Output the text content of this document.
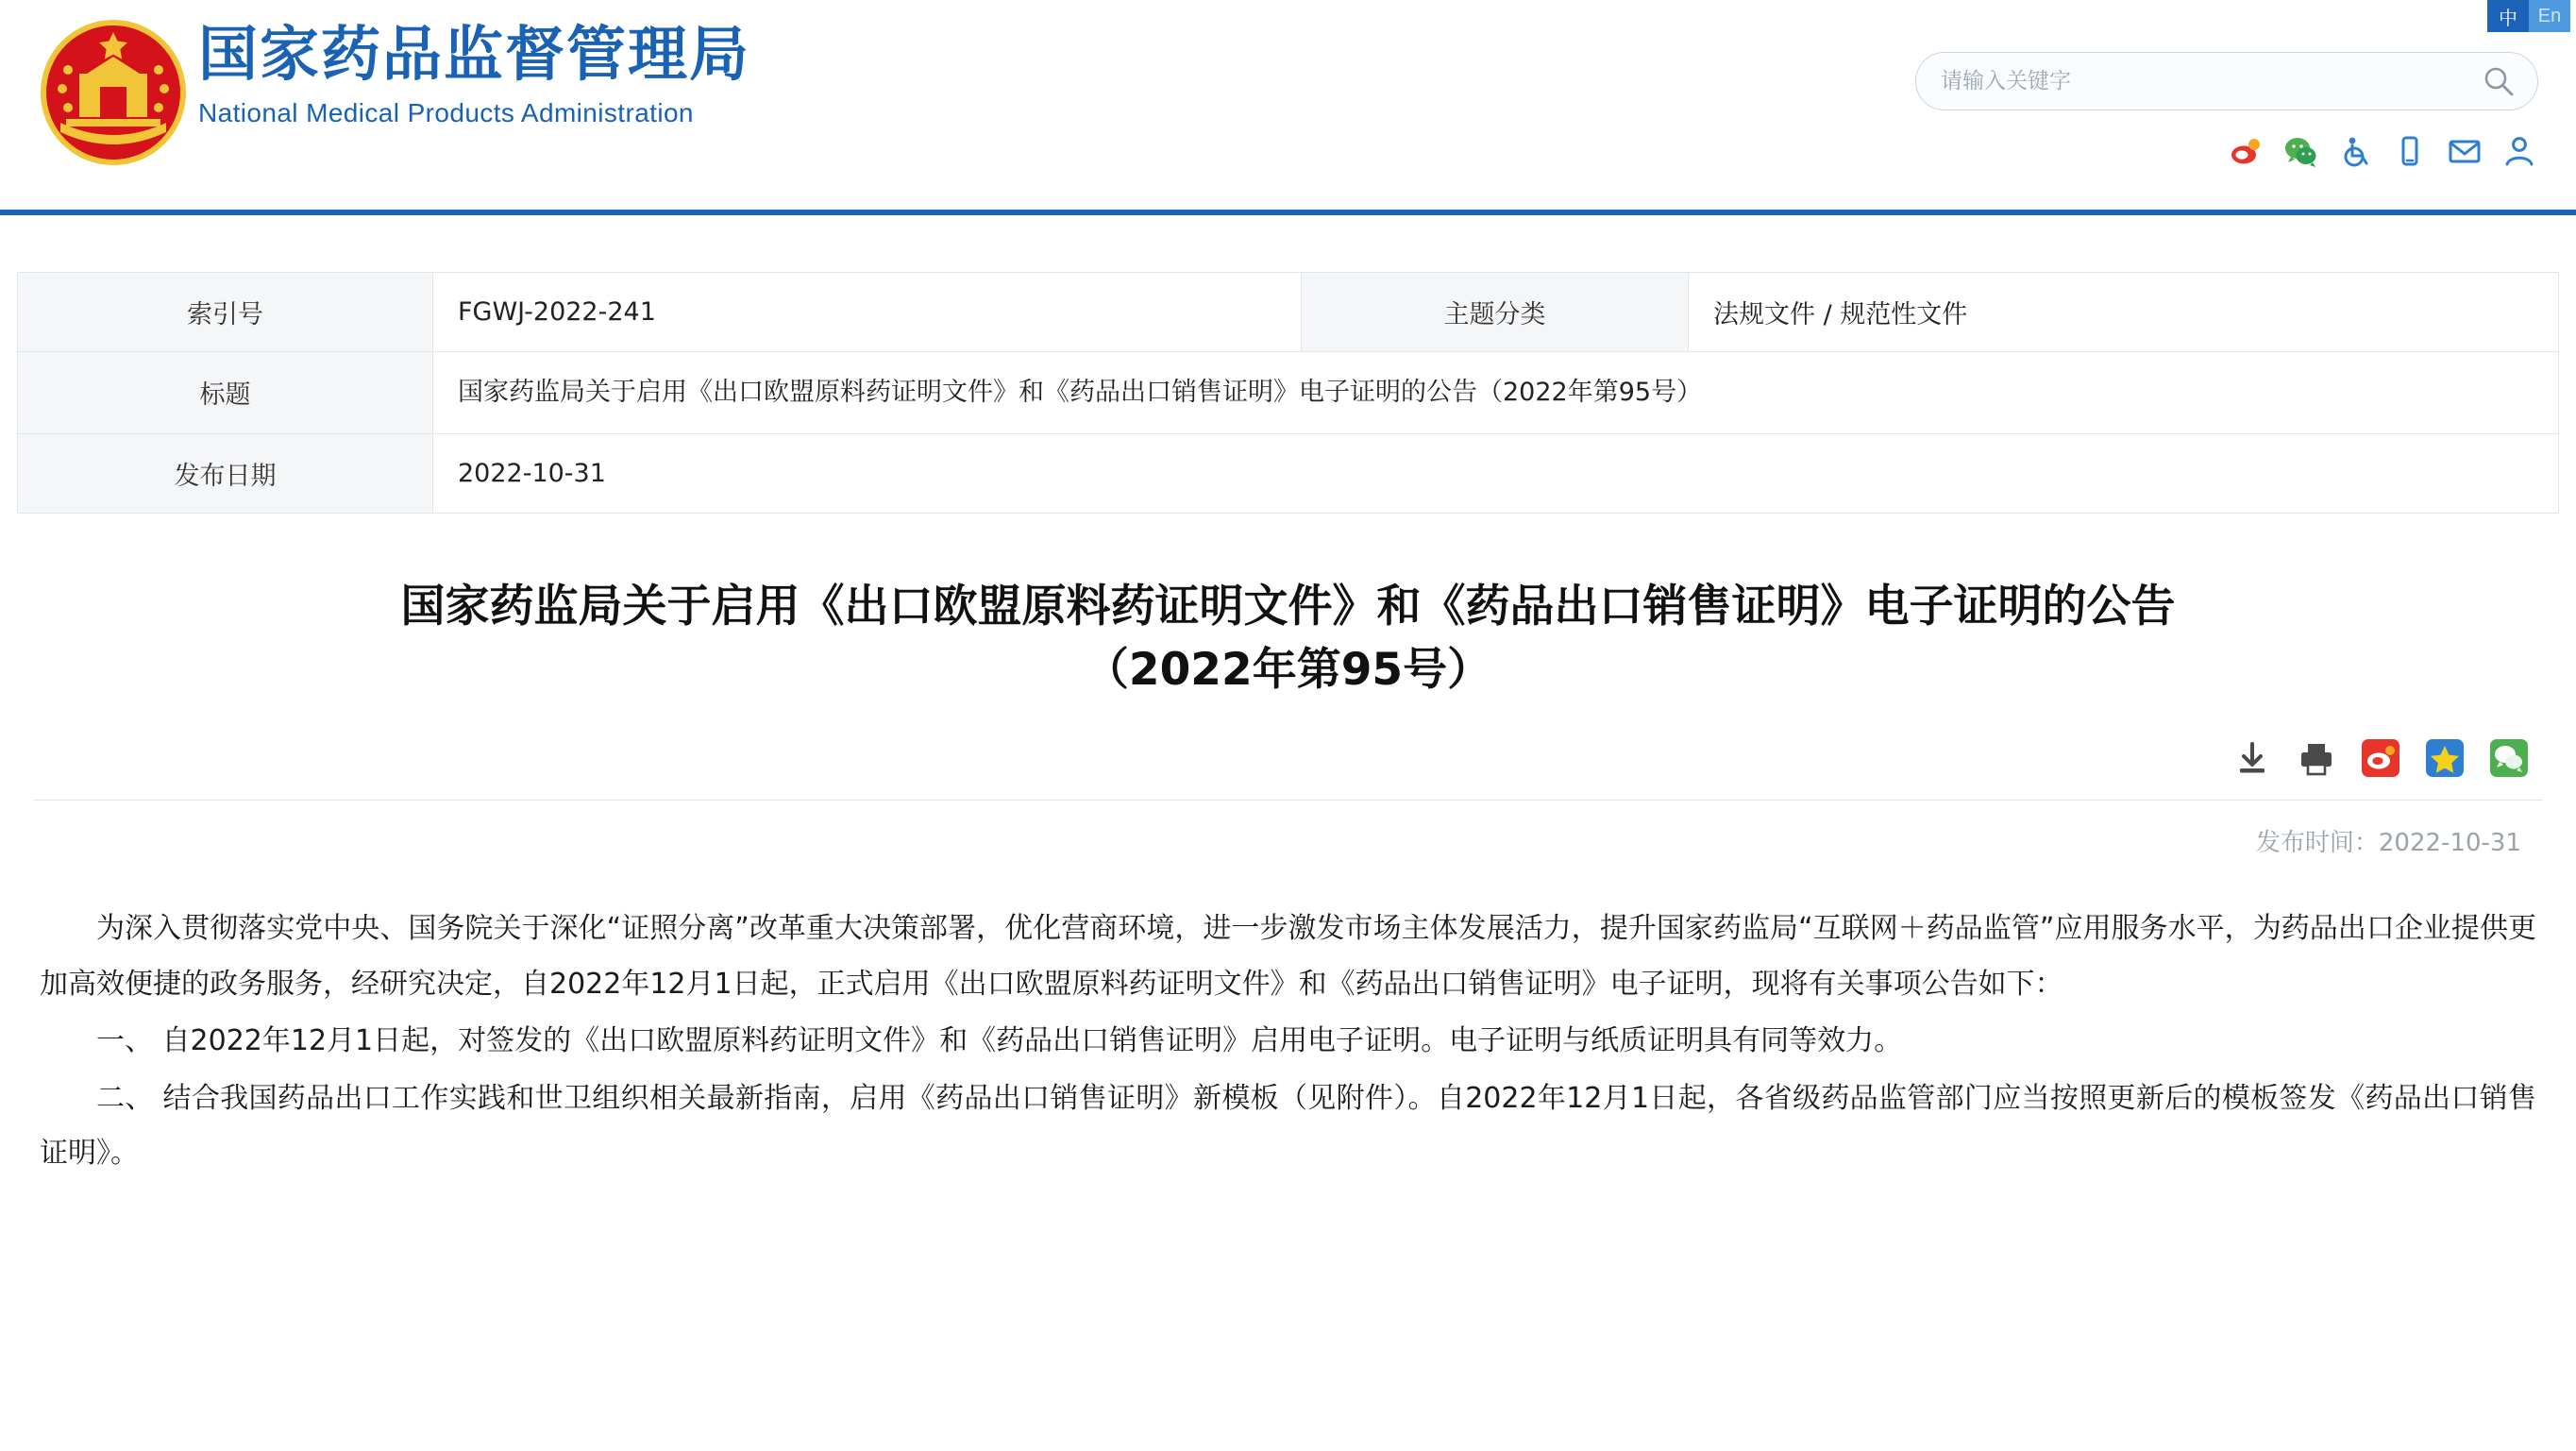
中	En
国家药品监督管理局
National Medical Products Administration
请输入关键字
索引号	FGWJ-2022-241	主题分类	法规文件 / 规范性文件
标题	国家药监局关于启用《出口欧盟原料药证明文件》和《药品出口销售证明》电子证明的公告（2022年第95号）		
发布日期	2022-10-31		
国家药监局关于启用《出口欧盟原料药证明文件》和《药品出口销售证明》电子证明的公告
（2022年第95号）
发布时间：2022-10-31

为深入贯彻落实党中央、国务院关于深化“证照分离”改革重大决策部署，优化营商环境，进一步激发市场主体发展活力，提升国家药监局“互联网＋药品监管”应用服务水平，为药品出口企业提供更加高效便捷的政务服务，经研究决定，自2022年12月1日起，正式启用《出口欧盟原料药证明文件》和《药品出口销售证明》电子证明，现将有关事项公告如下：

一、 自2022年12月1日起，对签发的《出口欧盟原料药证明文件》和《药品出口销售证明》启用电子证明。电子证明与纸质证明具有同等效力。

二、 结合我国药品出口工作实践和世卫组织相关最新指南，启用《药品出口销售证明》新模板（见附件）。自2022年12月1日起，各省级药品监管部门应当按照更新后的模板签发《药品出口销售证明》。
